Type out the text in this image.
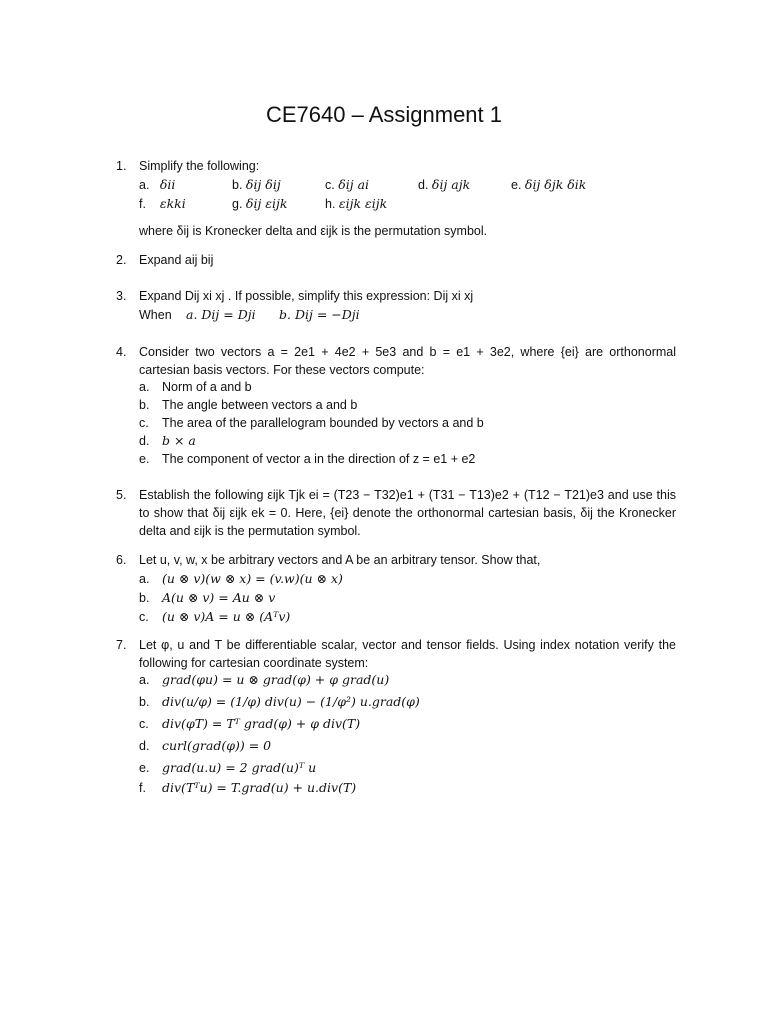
CE7640 – Assignment 1
1. Simplify the following:
a. δii	b. δij δij	c. δij ai	d. δij ajk	e. δij δjk δik
f. εkki	g. δij εijk	h. εijk εijk
where δij is Kronecker delta and εijk is the permutation symbol.
2. Expand aij bij
3. Expand Dij xi xj . If possible, simplify this expression: Dij xi xj
When a. Dij = Dji b. Dij = −Dji
4. Consider two vectors a = 2e1 + 4e2 + 5e3 and b = e1 + 3e2, where {ei} are orthonormal cartesian basis vectors. For these vectors compute:
a. Norm of a and b
b. The angle between vectors a and b
c. The area of the parallelogram bounded by vectors a and b
d. b × a
e. The component of vector a in the direction of z = e1 + e2
5. Establish the following εijk Tjk ei = (T23 − T32)e1 + (T31 − T13)e2 + (T12 − T21)e3 and use this to show that δij εijk ek = 0. Here, {ei} denote the orthonormal cartesian basis, δij the Kronecker delta and εijk is the permutation symbol.
6. Let u, v, w, x be arbitrary vectors and A be an arbitrary tensor. Show that,
a. (u ⊗ v)(w ⊗ x) = (v.w)(u ⊗ x)
b. A(u ⊗ v) = Au ⊗ v
c. (u ⊗ v)A = u ⊗ (Aᵀv)
7. Let φ, u and T be differentiable scalar, vector and tensor fields. Using index notation verify the following for cartesian coordinate system:
a. grad(φu) = u ⊗ grad(φ) + φ grad(u)
b. div(u/φ) = (1/φ) div(u) − (1/φ²) u.grad(φ)
c. div(φT) = Tᵀ grad(φ) + φ div(T)
d. curl(grad(φ)) = 0
e. grad(u.u) = 2 grad(u)ᵀ u
f. div(Tᵀu) = T.grad(u) + u.div(T)
